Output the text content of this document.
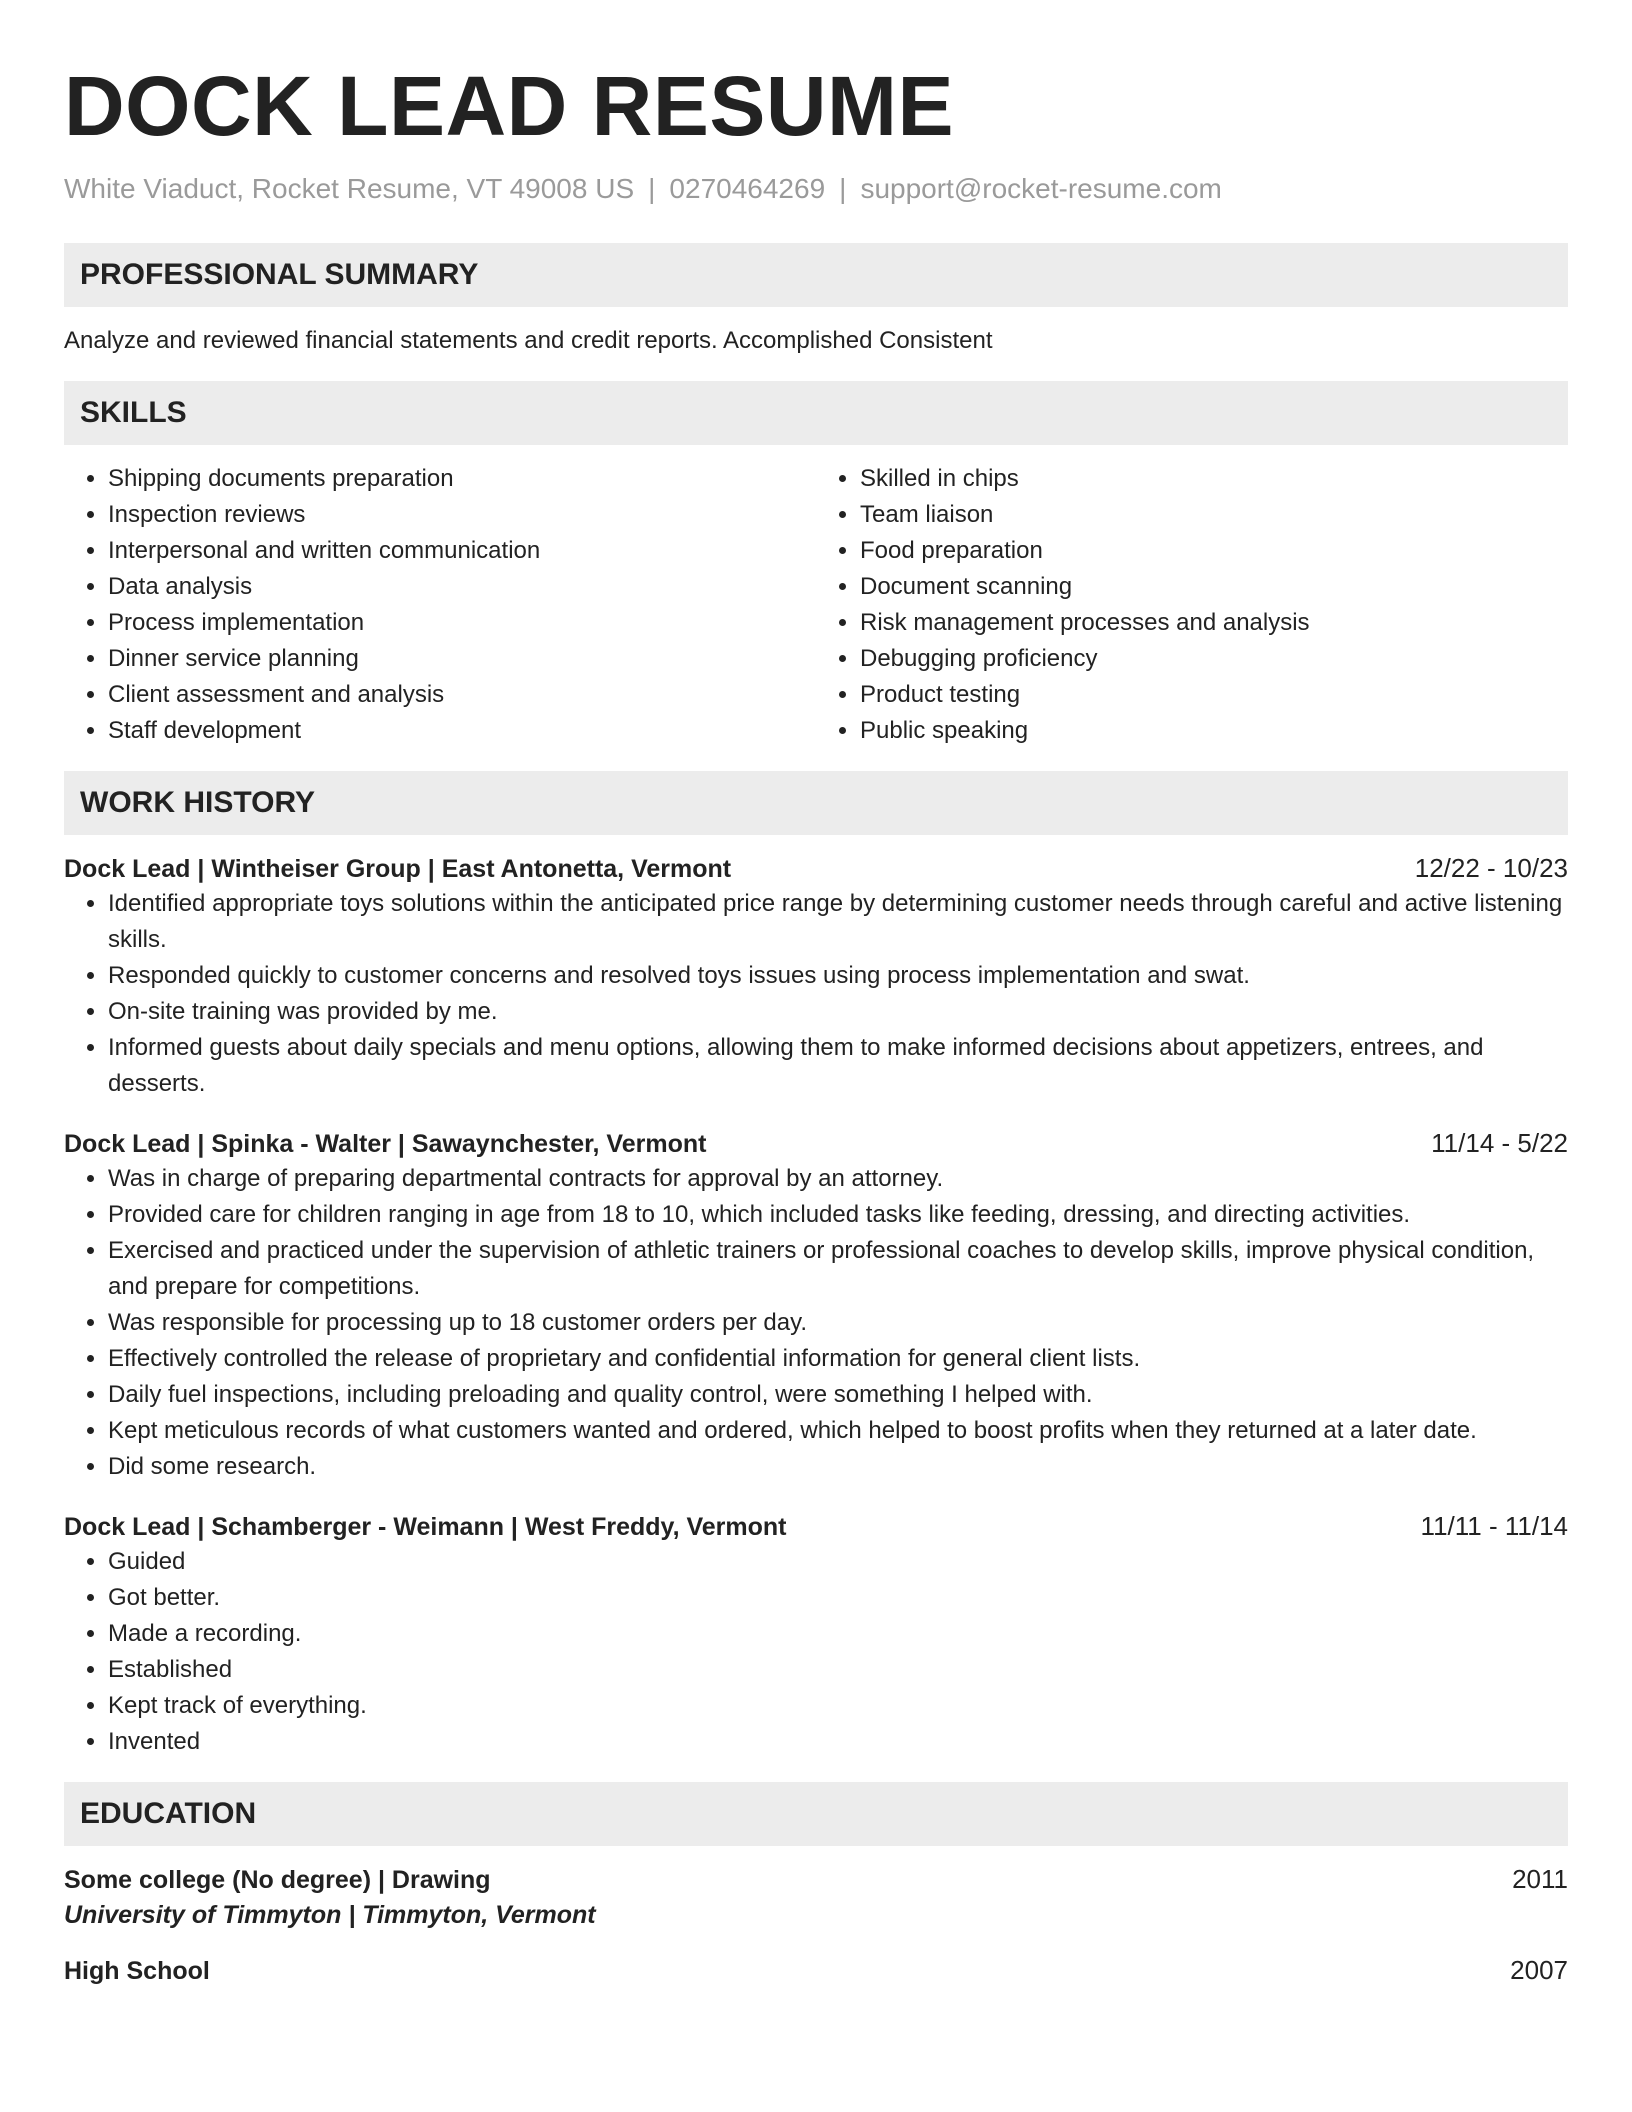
DOCK LEAD RESUME
White Viaduct, Rocket Resume, VT 49008 US | 0270464269 | support@rocket-resume.com
PROFESSIONAL SUMMARY

Analyze and reviewed financial statements and credit reports. Accomplished Consistent

SKILLS
• Shipping documents preparation
• Inspection reviews
• Interpersonal and written communication
• Data analysis
• Process implementation
• Dinner service planning
• Client assessment and analysis
• Staff development
• Skilled in chips
• Team liaison
• Food preparation
• Document scanning
• Risk management processes and analysis
• Debugging proficiency
• Product testing
• Public speaking
WORK HISTORY
Dock Lead | Wintheiser Group | East Antonetta, Vermont	12/22 - 10/23
• Identified appropriate toys solutions within the anticipated price range by determining customer needs through careful and active listening skills.
• Responded quickly to customer concerns and resolved toys issues using process implementation and swat.
• On-site training was provided by me.
• Informed guests about daily specials and menu options, allowing them to make informed decisions about appetizers, entrees, and desserts.
Dock Lead | Spinka - Walter | Sawaynchester, Vermont	11/14 - 5/22
• Was in charge of preparing departmental contracts for approval by an attorney.
• Provided care for children ranging in age from 18 to 10, which included tasks like feeding, dressing, and directing activities.
• Exercised and practiced under the supervision of athletic trainers or professional coaches to develop skills, improve physical condition, and prepare for competitions.
• Was responsible for processing up to 18 customer orders per day.
• Effectively controlled the release of proprietary and confidential information for general client lists.
• Daily fuel inspections, including preloading and quality control, were something I helped with.
• Kept meticulous records of what customers wanted and ordered, which helped to boost profits when they returned at a later date.
• Did some research.
Dock Lead | Schamberger - Weimann | West Freddy, Vermont	11/11 - 11/14
• Guided
• Got better.
• Made a recording.
• Established
• Kept track of everything.
• Invented
EDUCATION
Some college (No degree) | Drawing	2011
University of Timmyton | Timmyton, Vermont
High School	2007
